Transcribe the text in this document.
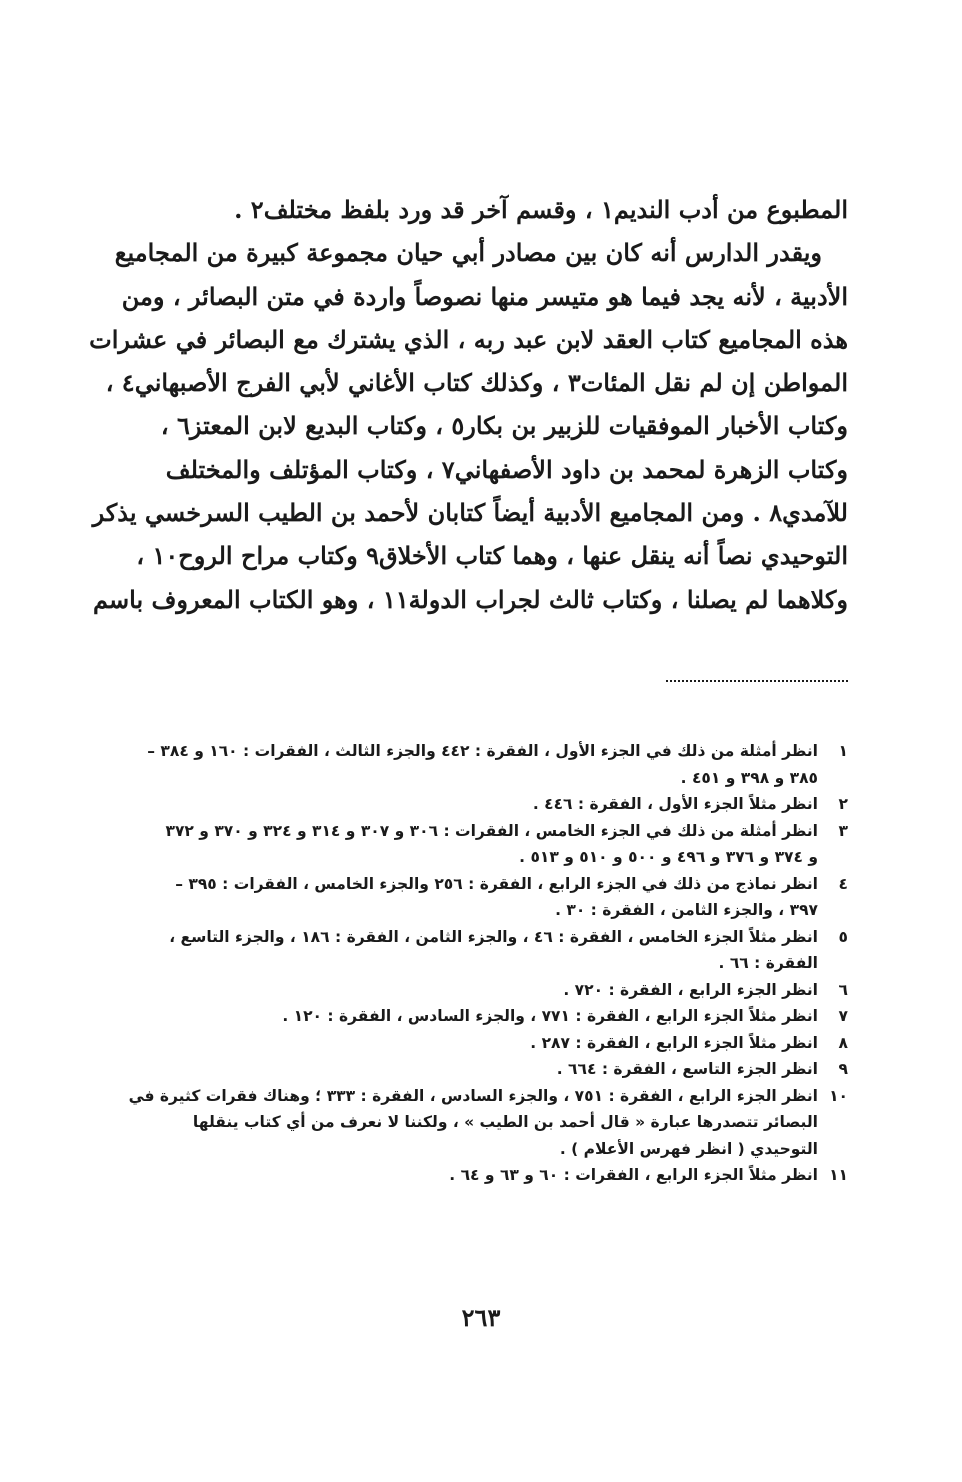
المطبوع من أدب النديم١ ، وقسم آخر قد ورد بلفظ مختلف٢ .
ويقدر الدارس أنه كان بين مصادر أبي حيان مجموعة كبيرة من المجاميع
الأدبية ، لأنه يجد فيما هو متيسر منها نصوصاً واردة في متن البصائر ، ومن
هذه المجاميع كتاب العقد لابن عبد ربه ، الذي يشترك مع البصائر في عشرات
المواطن إن لم نقل المئات٣ ، وكذلك كتاب الأغاني لأبي الفرج الأصبهاني٤ ،
وكتاب الأخبار الموفقيات للزبير بن بكار٥ ، وكتاب البديع لابن المعتز٦ ،
وكتاب الزهرة لمحمد بن داود الأصفهاني٧ ، وكتاب المؤتلف والمختلف
للآمدي٨ . ومن المجاميع الأدبية أيضاً كتابان لأحمد بن الطيب السرخسي يذكر
التوحيدي نصاً أنه ينقل عنها ، وهما كتاب الأخلاق٩ وكتاب مراح الروح١٠ ،
وكلاهما لم يصلنا ، وكتاب ثالث لجراب الدولة١١ ، وهو الكتاب المعروف باسم
١
انظر أمثلة من ذلك في الجزء الأول ، الفقرة : ٤٤٢ والجزء الثالث ، الفقرات : ١٦٠ و ٣٨٤ –
٣٨٥ و ٣٩٨ و ٤٥١ .
٢
انظر مثلاً الجزء الأول ، الفقرة : ٤٤٦ .
٣
انظر أمثلة من ذلك في الجزء الخامس ، الفقرات : ٣٠٦ و ٣٠٧ و ٣١٤ و ٣٢٤ و ٣٧٠ و ٣٧٢
و ٣٧٤ و ٣٧٦ و ٤٩٦ و ٥٠٠ و ٥١٠ و ٥١٣ .
٤
انظر نماذج من ذلك في الجزء الرابع ، الفقرة : ٢٥٦ والجزء الخامس ، الفقرات : ٣٩٥ –
٣٩٧ ، والجزء الثامن ، الفقرة : ٣٠ .
٥
انظر مثلاً الجزء الخامس ، الفقرة : ٤٦ ، والجزء الثامن ، الفقرة : ١٨٦ ، والجزء التاسع ،
الفقرة : ٦٦ .
٦
انظر الجزء الرابع ، الفقرة : ٧٢٠ .
٧
انظر مثلاً الجزء الرابع ، الفقرة : ٧٧١ ، والجزء السادس ، الفقرة : ١٢٠ .
٨
انظر مثلاً الجزء الرابع ، الفقرة : ٢٨٧ .
٩
انظر الجزء التاسع ، الفقرة : ٦٦٤ .
١٠
انظر الجزء الرابع ، الفقرة : ٧٥١ ، والجزء السادس ، الفقرة : ٣٣٣ ؛ وهناك فقرات كثيرة في
البصائر تتصدرها عبارة « قال أحمد بن الطيب » ، ولكننا لا نعرف من أي كتاب ينقلها
التوحيدي ( انظر فهرس الأعلام ) .
١١
انظر مثلاً الجزء الرابع ، الفقرات : ٦٠ و ٦٣ و ٦٤ .
٢٦٣
